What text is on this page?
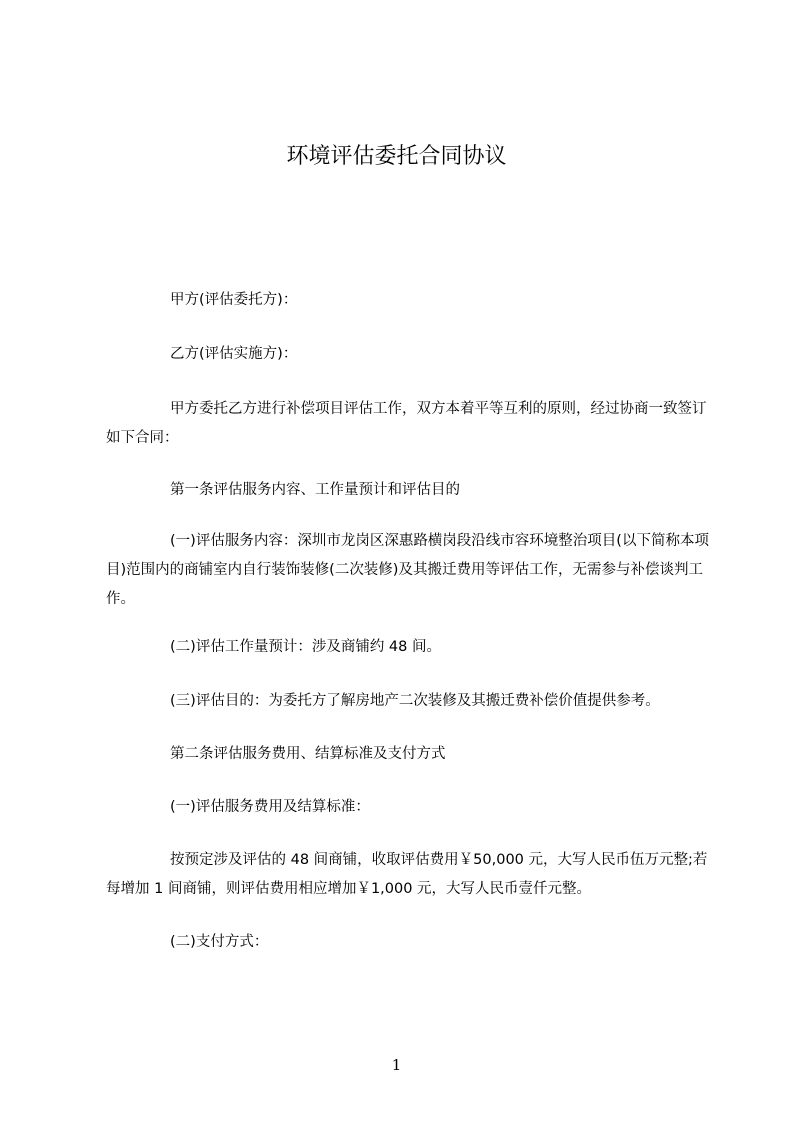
环境评估委托合同协议

甲方(评估委托方)：

乙方(评估实施方)：

甲方委托乙方进行补偿项目评估工作，双方本着平等互利的原则，经过协商一致签订如下合同：

第一条评估服务内容、工作量预计和评估目的

(一)评估服务内容：深圳市龙岗区深惠路横岗段沿线市容环境整治项目(以下简称本项目)范围内的商铺室内自行装饰装修(二次装修)及其搬迁费用等评估工作，无需参与补偿谈判工作。

(二)评估工作量预计：涉及商铺约 48 间。

(三)评估目的：为委托方了解房地产二次装修及其搬迁费补偿价值提供参考。

第二条评估服务费用、结算标准及支付方式

(一)评估服务费用及结算标准：

按预定涉及评估的 48 间商铺，收取评估费用￥50,000 元，大写人民币伍万元整;若每增加 1 间商铺，则评估费用相应增加￥1,000 元，大写人民币壹仟元整。

(二)支付方式：

1
